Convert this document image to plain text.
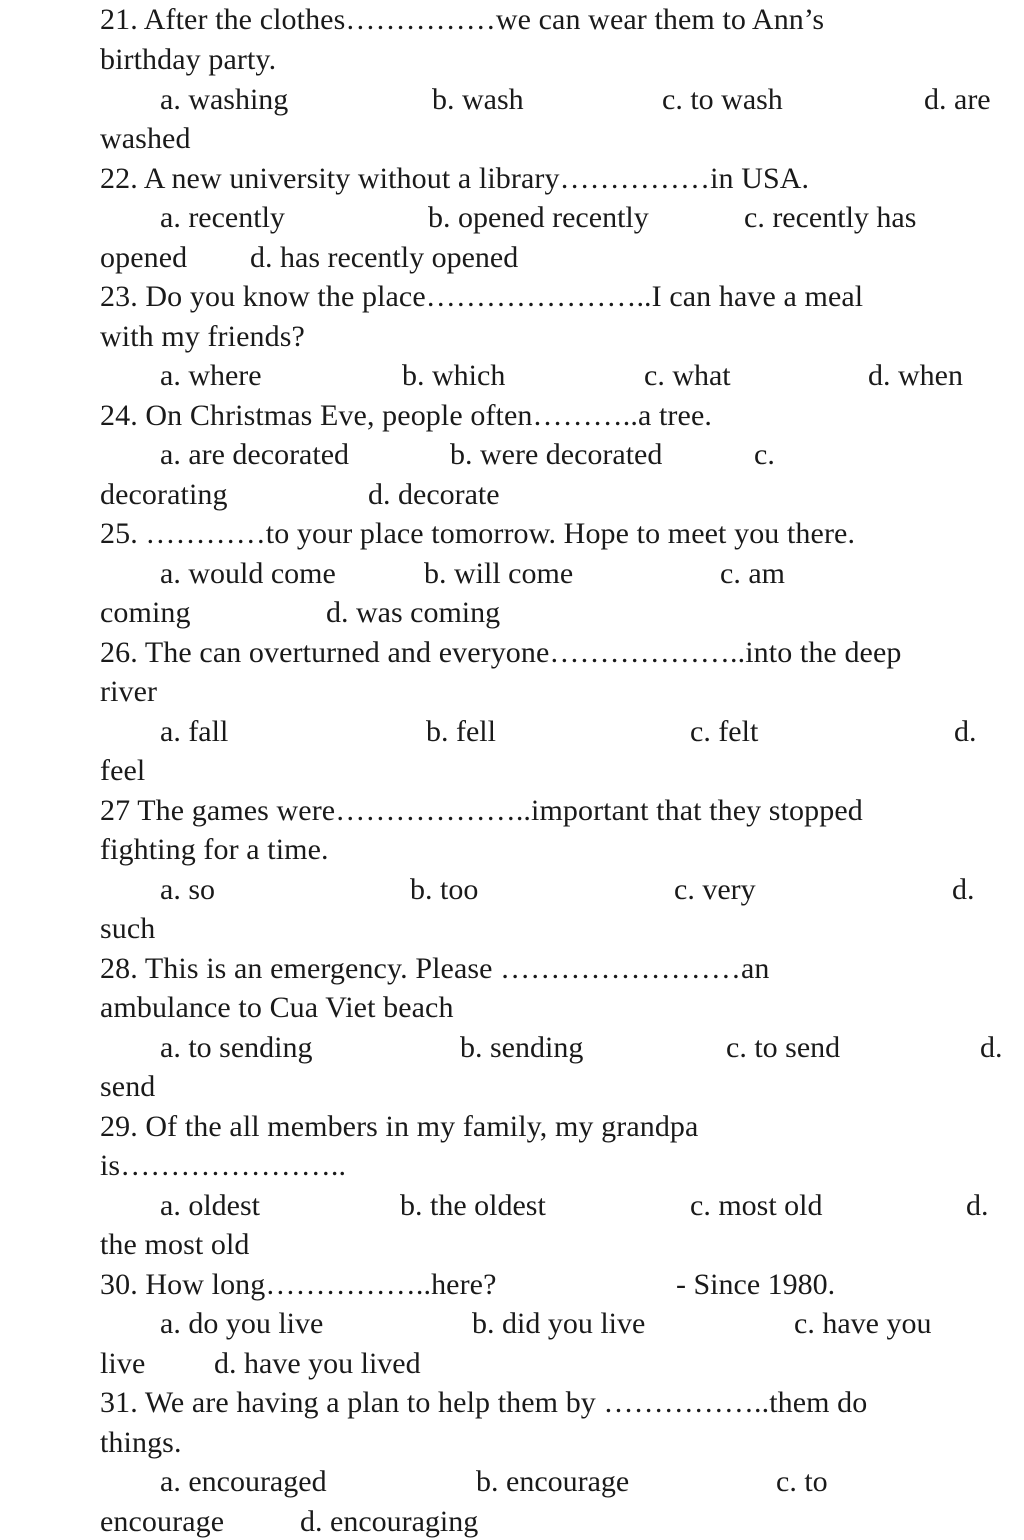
21. After the clothes……………we can wear them to Ann’s
birthday party.
a. washing	b. wash	c. to wash	d. are
washed
22. A new university without a library……………in USA.
a. recently	b. opened recently	c. recently has
opened d. has recently opened
23. Do you know the place…………………..I can have a meal
with my friends?
a. where	b. which	c. what	d. when
24. On Christmas Eve, people often………..a tree.
a. are decorated	b. were decorated	c.
decorating	d. decorate
25. …………to your place tomorrow. Hope to meet you there.
a. would come	b. will come	c. am
coming	d. was coming
26. The can overturned and everyone………………..into the deep
river
a. fall	b. fell	c. felt	d.
feel
27 The games were………………..important that they stopped
fighting for a time.
a. so	b. too	c. very	d.
such
28. This is an emergency. Please ……………………an
ambulance to Cua Viet beach
a. to sending	b. sending	c. to send	d.
send
29. Of the all members in my family, my grandpa
is…………………..
a. oldest	b. the oldest	c. most old	d.
the most old
30. How long……………..here?	- Since 1980.
a. do you live	b. did you live	c. have you
live d. have you lived
31. We are having a plan to help them by ……………..them do
things.
a. encouraged	b. encourage	c. to
encourage	d. encouraging
